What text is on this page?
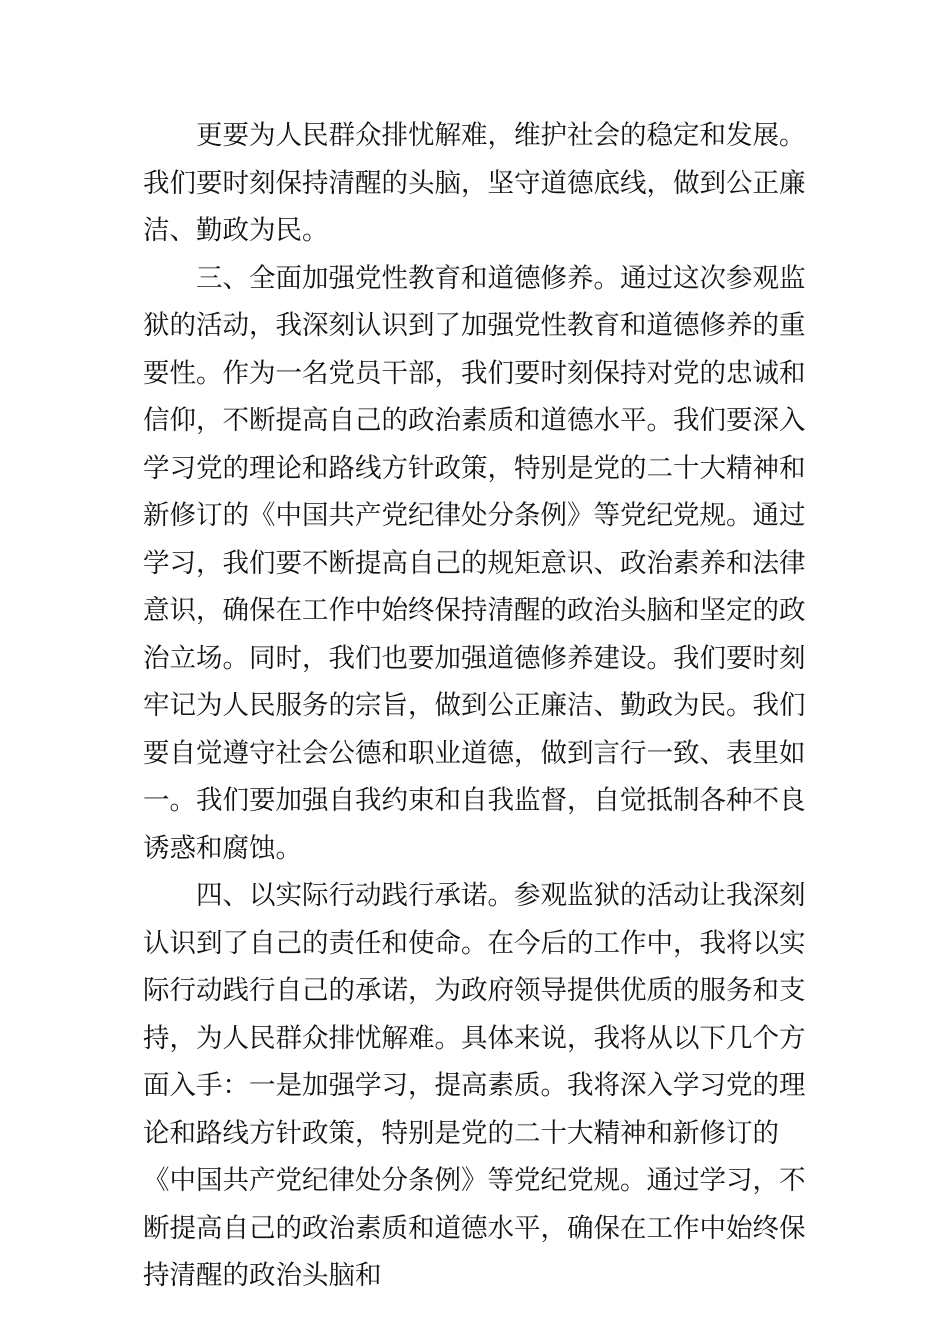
更要为人民群众排忧解难，维护社会的稳定和发展。
我们要时刻保持清醒的头脑，坚守道德底线，做到公正廉
洁、勤政为民。
三、全面加强党性教育和道德修养。通过这次参观监
狱的活动，我深刻认识到了加强党性教育和道德修养的重
要性。作为一名党员干部，我们要时刻保持对党的忠诚和
信仰，不断提高自己的政治素质和道德水平。我们要深入
学习党的理论和路线方针政策，特别是党的二十大精神和
新修订的《中国共产党纪律处分条例》等党纪党规。通过
学习，我们要不断提高自己的规矩意识、政治素养和法律
意识，确保在工作中始终保持清醒的政治头脑和坚定的政
治立场。同时，我们也要加强道德修养建设。我们要时刻
牢记为人民服务的宗旨，做到公正廉洁、勤政为民。我们
要自觉遵守社会公德和职业道德，做到言行一致、表里如
一。我们要加强自我约束和自我监督，自觉抵制各种不良
诱惑和腐蚀。
四、以实际行动践行承诺。参观监狱的活动让我深刻
认识到了自己的责任和使命。在今后的工作中，我将以实
际行动践行自己的承诺，为政府领导提供优质的服务和支
持，为人民群众排忧解难。具体来说，我将从以下几个方
面入手：一是加强学习，提高素质。我将深入学习党的理
论和路线方针政策，特别是党的二十大精神和新修订的
《中国共产党纪律处分条例》等党纪党规。通过学习，不
断提高自己的政治素质和道德水平，确保在工作中始终保
持清醒的政治头脑和
